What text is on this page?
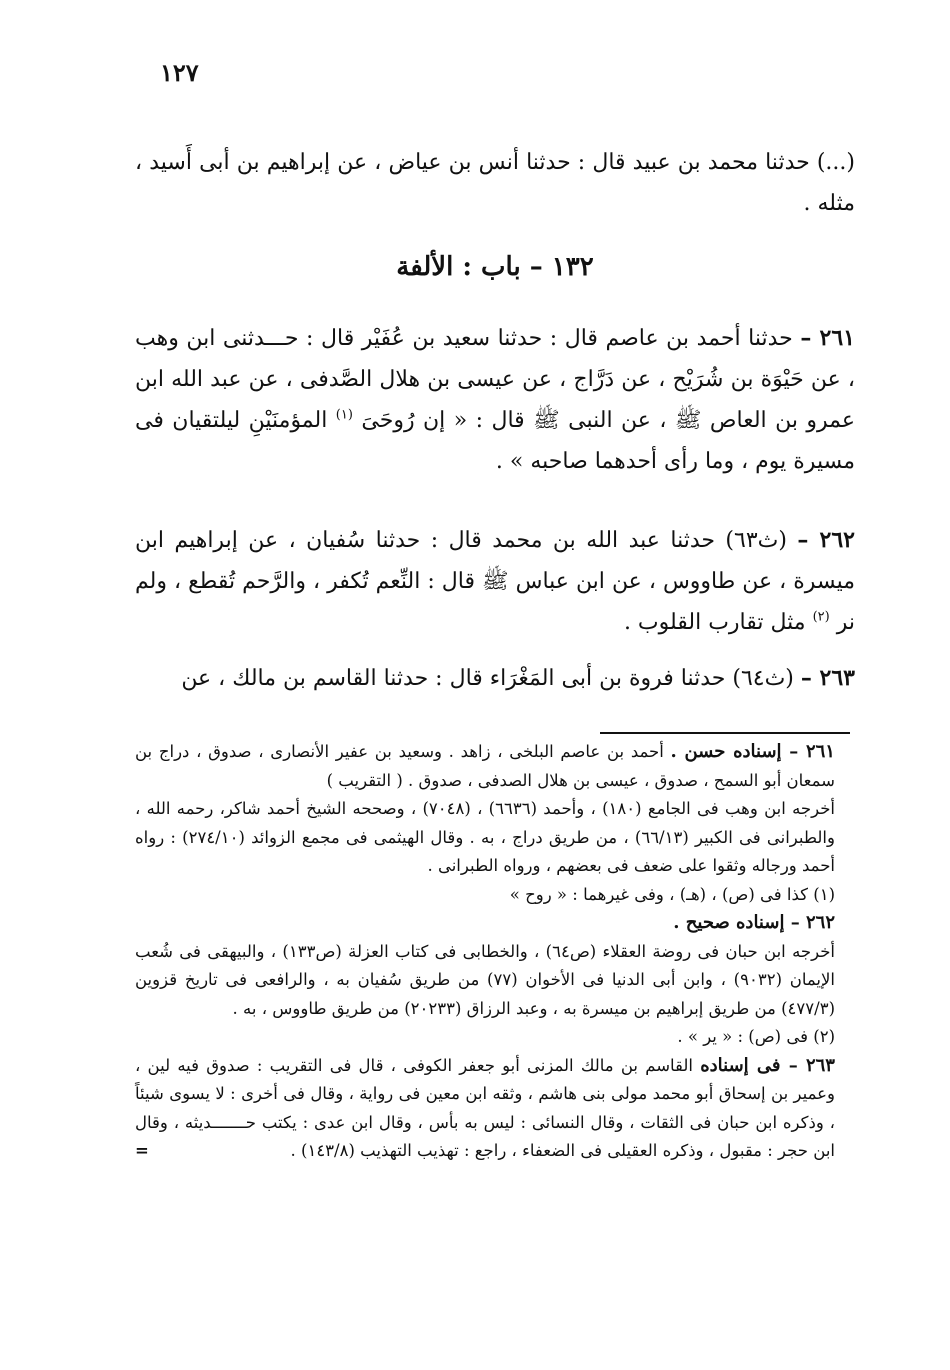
١٢٧

(...) حدثنا محمد بن عبيد قال : حدثنا أنس بن عياض ، عن إبراهيم بن أبى أَسيد ، مثله .

١٣٢ – باب : الألفة

٢٦١ – حدثنا أحمد بن عاصم قال : حدثنا سعيد بن عُفَيْر قال : حـــدثنى ابن وهب ، عن حَيْوَة بن شُرَيْح ، عن دَرَّاج ، عن عيسى بن هلال الصَّدفى ، عن عبد الله ابن عمرو بن العاص ﷺ ، عن النبى ﷺ قال : « إن رُوحَىَ $^{(١)}$ المؤمنَيْنِ ليلتقيان فى مسيرة يوم ، وما رأى أحدهما صاحبه » .

٢٦٢ – (ث٦٣) حدثنا عبد الله بن محمد قال : حدثنا سُفيان ، عن إبراهيم ابن ميسرة ، عن طاووس ، عن ابن عباس ﷺ قال : النِّعم تُكفر ، والرَّحم تُقطع ، ولم نر $^{(٢)}$ مثل تقارب القلوب .

٢٦٣ – (ث٦٤) حدثنا فروة بن أبى المَغْرَاء قال : حدثنا القاسم بن مالك ، عن

٢٦١ – إسناده حسن . أحمد بن عاصم البلخى ، زاهد . وسعيد بن عفير الأنصارى ، صدوق ، دراج بن سمعان أبو السمح ، صدوق ، عيسى بن هلال الصدفى ، صدوق . ( التقريب )

أخرجه ابن وهب فى الجامع (١٨٠) ، وأحمد (٦٦٣٦) ، (٧٠٤٨) ، وصححه الشيخ أحمد شاكر، رحمه الله ، والطبرانى فى الكبير (٦٦/١٣) ، من طريق دراج ، به . وقال الهيثمى فى مجمع الزوائد (٢٧٤/١٠) : رواه أحمد ورجاله وثقوا على ضعف فى بعضهم ، ورواه الطبرانى .

(١) كذا فى (ص) ، (هـ) ، وفى غيرهما : « روح »

٢٦٢ – إسناده صحيح .

أخرجه ابن حبان فى روضة العقلاء (ص٦٤) ، والخطابى فى كتاب العزلة (ص١٣٣) ، والبيهقى فى شُعب الإيمان (٩٠٣٢) ، وابن أبى الدنيا فى الأخوان (٧٧) من طريق سُفيان به ، والرافعى فى تاريخ قزوين (٤٧٧/٣) من طريق إبراهيم بن ميسرة به ، وعبد الرزاق (٢٠٢٣٣) من طريق طاووس ، به .

(٢) فى (ص) : « ير » .

٢٦٣ – فى إسناده القاسم بن مالك المزنى أبو جعفر الكوفى ، قال فى التقريب : صدوق فيه لين ، وعمير بن إسحاق أبو محمد مولى بنى هاشم ، وثقه ابن معين فى رواية ، وقال فى أخرى : لا يسوى شيئاً ، وذكره ابن حبان فى الثقات ، وقال النسائى : ليس به بأس ، وقال ابن عدى : يكتب حـــــــديثه ، وقال ابن حجر : مقبول ، وذكره العقيلى فى الضعفاء ، راجع : تهذيب التهذيب (١٤٣/٨) .
=
